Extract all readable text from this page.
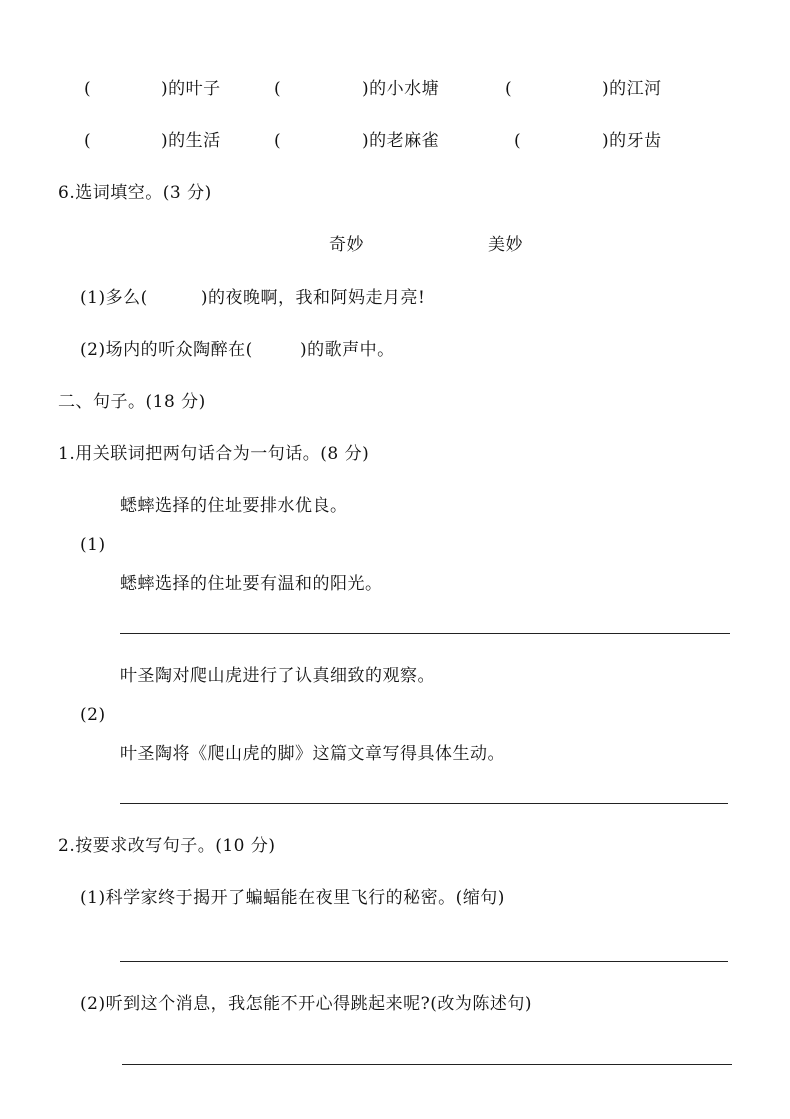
(	)的叶子	(	)的小水塘	(	)的江河
(	)的生活	(	)的老麻雀	(	)的牙齿
6.选词填空。(3 分)
奇妙	美妙
(1)多么(         )的夜晚啊，我和阿妈走月亮!
(2)场内的听众陶醉在(        )的歌声中。
二、句子。(18 分)
1.用关联词把两句话合为一句话。(8 分)
蟋蟀选择的住址要排水优良。
(1)
蟋蟀选择的住址要有温和的阳光。
叶圣陶对爬山虎进行了认真细致的观察。
(2)
叶圣陶将《爬山虎的脚》这篇文章写得具体生动。
2.按要求改写句子。(10 分)
(1)科学家终于揭开了蝙蝠能在夜里飞行的秘密。(缩句)
(2)听到这个消息，我怎能不开心得跳起来呢?(改为陈述句)
